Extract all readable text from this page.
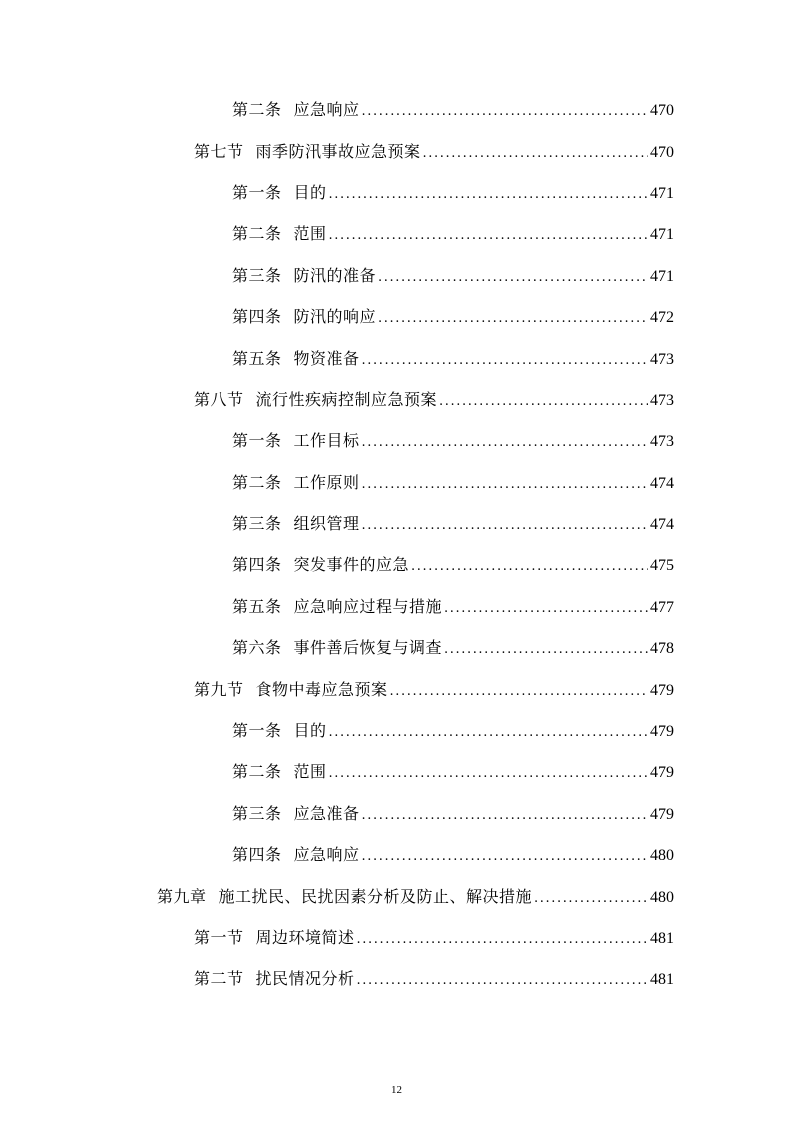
第二条 应急响应 .....	470
第七节 雨季防汛事故应急预案 .....	470
第一条 目的 .....	471
第二条 范围 .....	471
第三条 防汛的准备 .....	471
第四条 防汛的响应 .....	472
第五条 物资准备 .....	473
第八节 流行性疾病控制应急预案 .....	473
第一条 工作目标 .....	473
第二条 工作原则 .....	474
第三条 组织管理 .....	474
第四条 突发事件的应急 .....	475
第五条 应急响应过程与措施 .....	477
第六条 事件善后恢复与调查 .....	478
第九节 食物中毒应急预案 .....	479
第一条 目的 .....	479
第二条 范围 .....	479
第三条 应急准备 .....	479
第四条 应急响应 .....	480
第九章 施工扰民、民扰因素分析及防止、解决措施 .....	480
第一节 周边环境简述 .....	481
第二节 扰民情况分析 .....	481
12
